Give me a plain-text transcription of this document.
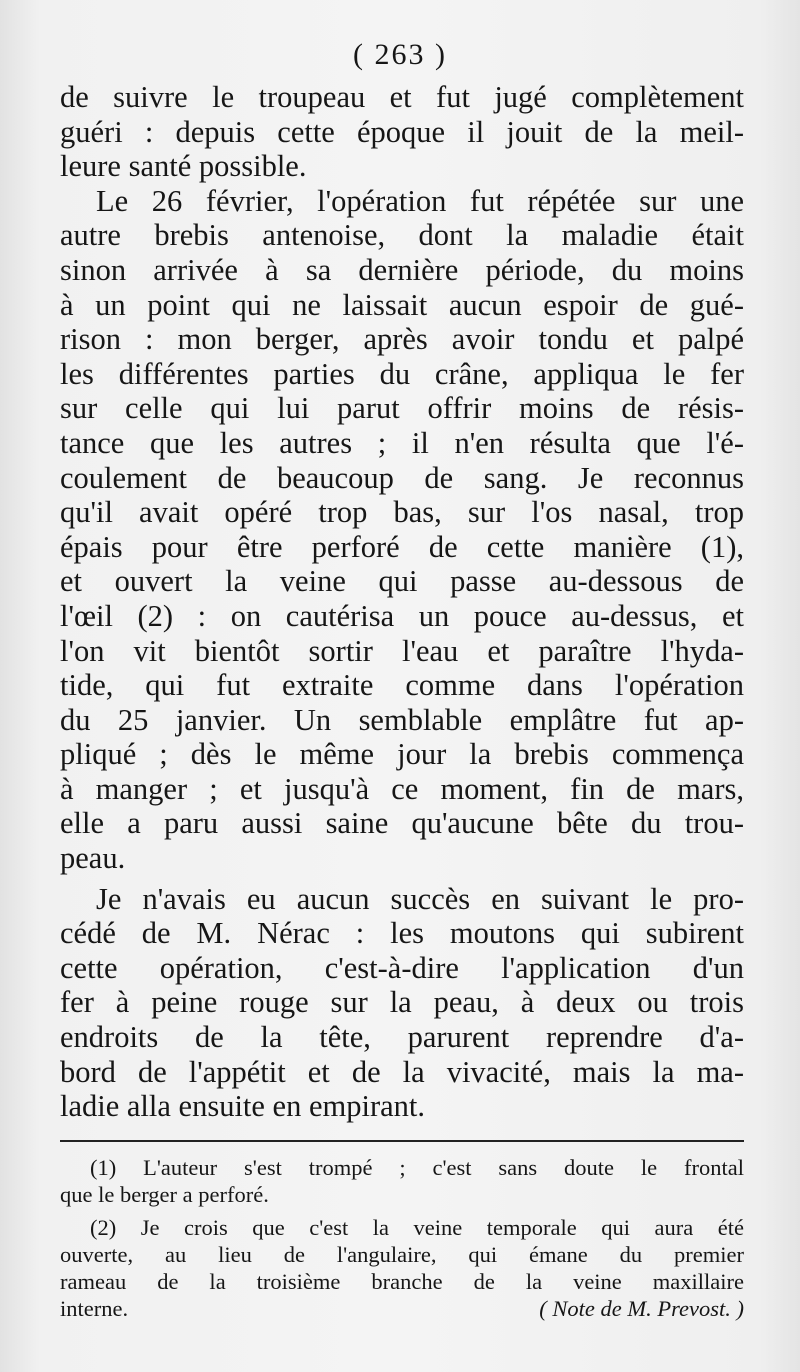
( 263 )
de suivre le troupeau et fut jugé complètement
guéri : depuis cette époque il jouit de la meil-
leure santé possible.
Le 26 février, l'opération fut répétée sur une
autre brebis antenoise, dont la maladie était
sinon arrivée à sa dernière période, du moins
à un point qui ne laissait aucun espoir de gué-
rison : mon berger, après avoir tondu et palpé
les différentes parties du crâne, appliqua le fer
sur celle qui lui parut offrir moins de résis-
tance que les autres ; il n'en résulta que l'é-
coulement de beaucoup de sang. Je reconnus
qu'il avait opéré trop bas, sur l'os nasal, trop
épais pour être perforé de cette manière (1),
et ouvert la veine qui passe au-dessous de
l'œil (2) : on cautérisa un pouce au-dessus, et
l'on vit bientôt sortir l'eau et paraître l'hyda-
tide, qui fut extraite comme dans l'opération
du 25 janvier. Un semblable emplâtre fut ap-
pliqué ; dès le même jour la brebis commença
à manger ; et jusqu'à ce moment, fin de mars,
elle a paru aussi saine qu'aucune bête du trou-
peau.
Je n'avais eu aucun succès en suivant le pro-
cédé de M. Nérac : les moutons qui subirent
cette opération, c'est-à-dire l'application d'un
fer à peine rouge sur la peau, à deux ou trois
endroits de la tête, parurent reprendre d'a-
bord de l'appétit et de la vivacité, mais la ma-
ladie alla ensuite en empirant.
(1) L'auteur s'est trompé ; c'est sans doute le frontal
que le berger a perforé.
(2) Je crois que c'est la veine temporale qui aura été
ouverte, au lieu de l'angulaire, qui émane du premier
rameau de la troisième branche de la veine maxillaire
interne.	( Note de M. Prevost. )
